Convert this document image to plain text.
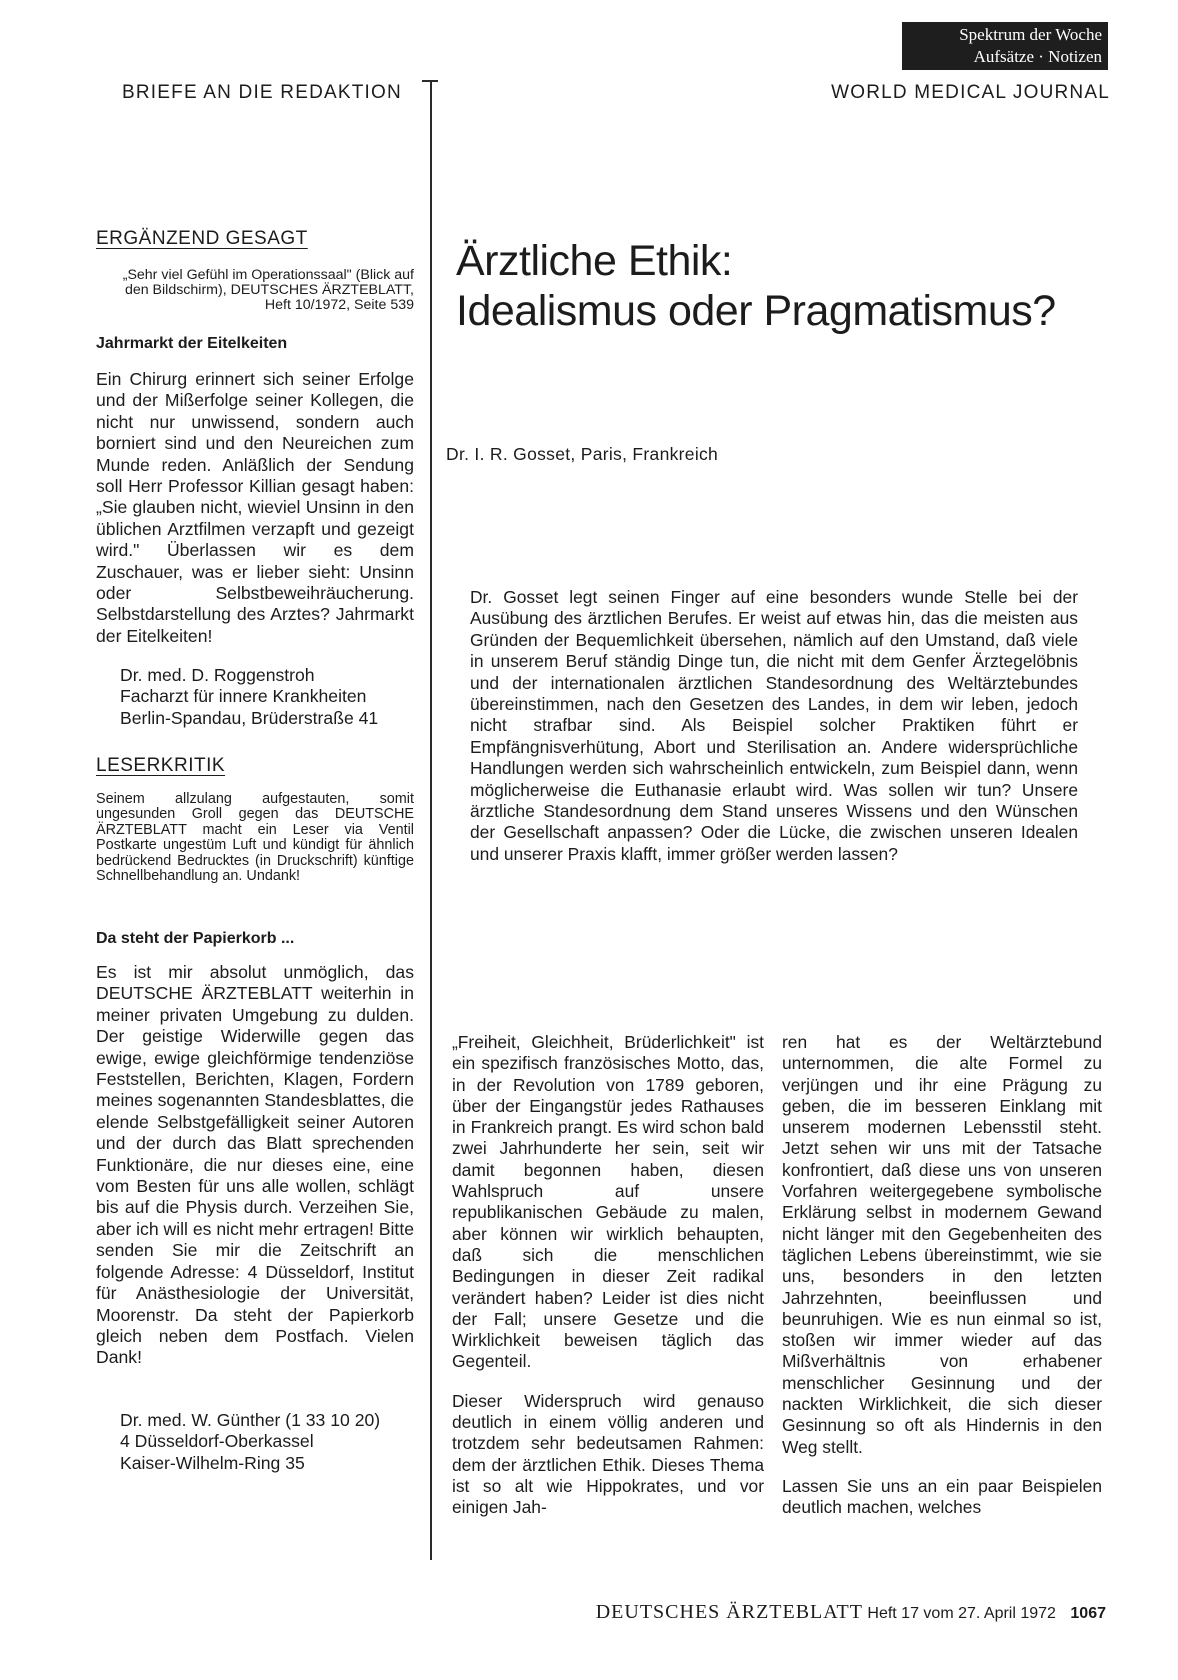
Spektrum der Woche
Aufsätze · Notizen
BRIEFE AN DIE REDAKTION	WORLD MEDICAL JOURNAL
ERGÄNZEND GESAGT
„Sehr viel Gefühl im Operationssaal" (Blick auf den Bildschirm), DEUTSCHES ÄRZTEBLATT, Heft 10/1972, Seite 539
Jahrmarkt der Eitelkeiten
Ein Chirurg erinnert sich seiner Erfolge und der Mißerfolge seiner Kollegen, die nicht nur unwissend, sondern auch borniert sind und den Neureichen zum Munde reden. Anläßlich der Sendung soll Herr Professor Killian gesagt haben: „Sie glauben nicht, wieviel Unsinn in den üblichen Arztfilmen verzapft und gezeigt wird." Überlassen wir es dem Zuschauer, was er lieber sieht: Unsinn oder Selbstbeweihräucherung. Selbstdarstellung des Arztes? Jahrmarkt der Eitelkeiten!
Dr. med. D. Roggenstroh
Facharzt für innere Krankheiten
Berlin-Spandau, Brüderstraße 41
LESERKRITIK
Seinem allzulang aufgestauten, somit ungesunden Groll gegen das DEUTSCHE ÄRZTEBLATT macht ein Leser via Ventil Postkarte ungestüm Luft und kündigt für ähnlich bedrückend Bedrucktes (in Druckschrift) künftige Schnellbehandlung an. Undank!
Da steht der Papierkorb ...
Es ist mir absolut unmöglich, das DEUTSCHE ÄRZTEBLATT weiterhin in meiner privaten Umgebung zu dulden. Der geistige Widerwille gegen das ewige, ewige gleichförmige tendenziöse Feststellen, Berichten, Klagen, Fordern meines sogenannten Standesblattes, die elende Selbstgefälligkeit seiner Autoren und der durch das Blatt sprechenden Funktionäre, die nur dieses eine, eine vom Besten für uns alle wollen, schlägt bis auf die Physis durch. Verzeihen Sie, aber ich will es nicht mehr ertragen! Bitte senden Sie mir die Zeitschrift an folgende Adresse: 4 Düsseldorf, Institut für Anästhesiologie der Universität, Moorenstr. Da steht der Papierkorb gleich neben dem Postfach. Vielen Dank!
Dr. med. W. Günther (1 33 10 20)
4 Düsseldorf-Oberkassel
Kaiser-Wilhelm-Ring 35
Ärztliche Ethik:
Idealismus oder Pragmatismus?
Dr. I. R. Gosset, Paris, Frankreich
Dr. Gosset legt seinen Finger auf eine besonders wunde Stelle bei der Ausübung des ärztlichen Berufes. Er weist auf etwas hin, das die meisten aus Gründen der Bequemlichkeit übersehen, nämlich auf den Umstand, daß viele in unserem Beruf ständig Dinge tun, die nicht mit dem Genfer Ärztegelöbnis und der internationalen ärztlichen Standesordnung des Weltärztebundes übereinstimmen, nach den Gesetzen des Landes, in dem wir leben, jedoch nicht strafbar sind. Als Beispiel solcher Praktiken führt er Empfängnisverhütung, Abort und Sterilisation an. Andere widersprüchliche Handlungen werden sich wahrscheinlich entwickeln, zum Beispiel dann, wenn möglicherweise die Euthanasie erlaubt wird. Was sollen wir tun? Unsere ärztliche Standesordnung dem Stand unseres Wissens und den Wünschen der Gesellschaft anpassen? Oder die Lücke, die zwischen unseren Idealen und unserer Praxis klafft, immer größer werden lassen?
„Freiheit, Gleichheit, Brüderlichkeit" ist ein spezifisch französisches Motto, das, in der Revolution von 1789 geboren, über der Eingangstür jedes Rathauses in Frankreich prangt. Es wird schon bald zwei Jahrhunderte her sein, seit wir damit begonnen haben, diesen Wahlspruch auf unsere republikanischen Gebäude zu malen, aber können wir wirklich behaupten, daß sich die menschlichen Bedingungen in dieser Zeit radikal verändert haben? Leider ist dies nicht der Fall; unsere Gesetze und die Wirklichkeit beweisen täglich das Gegenteil.
Dieser Widerspruch wird genauso deutlich in einem völlig anderen und trotzdem sehr bedeutsamen Rahmen: dem der ärztlichen Ethik. Dieses Thema ist so alt wie Hippokrates, und vor einigen Jah-
ren hat es der Weltärztebund unternommen, die alte Formel zu verjüngen und ihr eine Prägung zu geben, die im besseren Einklang mit unserem modernen Lebensstil steht. Jetzt sehen wir uns mit der Tatsache konfrontiert, daß diese uns von unseren Vorfahren weitergegebene symbolische Erklärung selbst in modernem Gewand nicht länger mit den Gegebenheiten des täglichen Lebens übereinstimmt, wie sie uns, besonders in den letzten Jahrzehnten, beeinflussen und beunruhigen. Wie es nun einmal so ist, stoßen wir immer wieder auf das Mißverhältnis von erhabener menschlicher Gesinnung und der nackten Wirklichkeit, die sich dieser Gesinnung so oft als Hindernis in den Weg stellt.
Lassen Sie uns an ein paar Beispielen deutlich machen, welches
DEUTSCHES ÄRZTEBLATT Heft 17 vom 27. April 1972 1067
